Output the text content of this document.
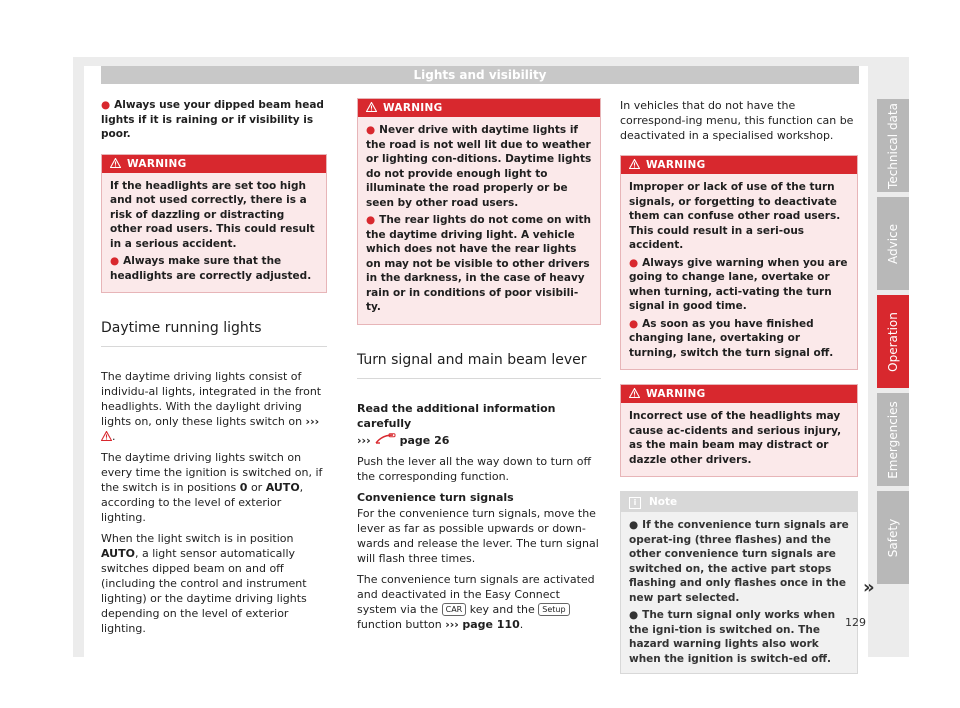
Lights and visibility

● Always use your dipped beam head lights if it is raining or if visibility is poor.

WARNING

If the headlights are set too high and not used correctly, there is a risk of dazzling or distracting other road users. This could result in a serious accident.

● Always make sure that the headlights are correctly adjusted.

Daytime running lights

The daytime driving lights consist of individu-al lights, integrated in the front headlights. With the daylight driving lights on, only these lights switch on ››› .

The daytime driving lights switch on every time the ignition is switched on, if the switch is in positions 0 or AUTO, according to the level of exterior lighting.

When the light switch is in position AUTO, a light sensor automatically switches dipped beam on and off (including the control and instrument lighting) or the daytime driving lights depending on the level of exterior lighting.

WARNING

● Never drive with daytime lights if the road is not well lit due to weather or lighting con-ditions. Daytime lights do not provide enough light to illuminate the road properly or be seen by other road users.

● The rear lights do not come on with the daytime driving light. A vehicle which does not have the rear lights on may not be visible to other drivers in the darkness, in the case of heavy rain or in conditions of poor visibili-ty.

Turn signal and main beam lever

Read the additional information carefully

›››	page 26

Push the lever all the way down to turn off the corresponding function.

Convenience turn signals

For the convenience turn signals, move the lever as far as possible upwards or down-wards and release the lever. The turn signal will flash three times.

The convenience turn signals are activated and deactivated in the Easy Connect system via the CAR key and the Setup function button ››› page 110.

In vehicles that do not have the correspond-ing menu, this function can be deactivated in a specialised workshop.

WARNING

Improper or lack of use of the turn signals, or forgetting to deactivate them can confuse other road users. This could result in a seri-ous accident.

● Always give warning when you are going to change lane, overtake or when turning, acti-vating the turn signal in good time.

● As soon as you have finished changing lane, overtaking or turning, switch the turn signal off.

WARNING

Incorrect use of the headlights may cause ac-cidents and serious injury, as the main beam may distract or dazzle other drivers.

i Note

● If the convenience turn signals are operat-ing (three flashes) and the other convenience turn signals are switched on, the active part stops flashing and only flashes once in the new part selected.

● The turn signal only works when the igni-tion is switched on. The hazard warning lights also work when the ignition is switch-ed off.

»
Technical data
Advice
Operation
Emergencies
Safety
129
